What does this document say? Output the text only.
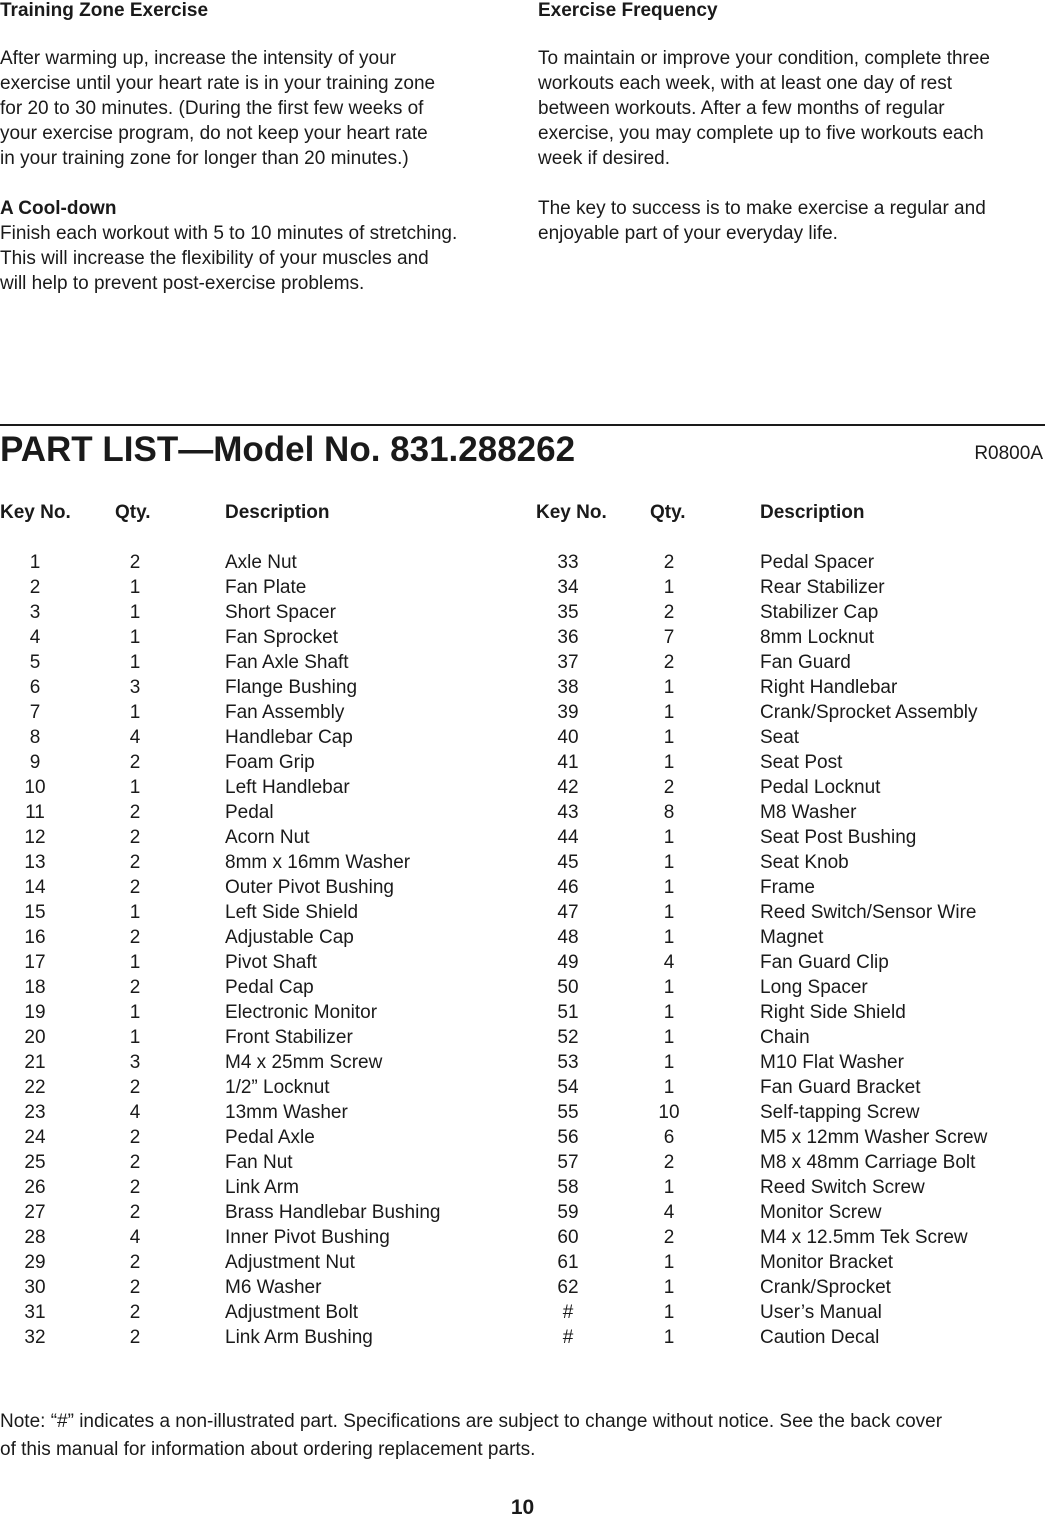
Training Zone Exercise
After warming up, increase the intensity of your
exercise until your heart rate is in your training zone
for 20 to 30 minutes. (During the first few weeks of
your exercise program, do not keep your heart rate
in your training zone for longer than 20 minutes.)
A Cool-down
Finish each workout with 5 to 10 minutes of stretching.
This will increase the flexibility of your muscles and
will help to prevent post-exercise problems.
Exercise Frequency
To maintain or improve your condition, complete three
workouts each week, with at least one day of rest
between workouts. After a few months of regular
exercise, you may complete up to five workouts each
week if desired.
The key to success is to make exercise a regular and
enjoyable part of your everyday life.
PART LIST—Model No. 831.288262	R0800A
Key No. Qty.	Description	Key No. Qty.	Description
1	2	Axle Nut
2	1	Fan Plate
3	1	Short Spacer
4	1	Fan Sprocket
5	1	Fan Axle Shaft
6	3	Flange Bushing
7	1	Fan Assembly
8	4	Handlebar Cap
9	2	Foam Grip
10	1	Left Handlebar
11	2	Pedal
12	2	Acorn Nut
13	2	8mm x 16mm Washer
14	2	Outer Pivot Bushing
15	1	Left Side Shield
16	2	Adjustable Cap
17	1	Pivot Shaft
18	2	Pedal Cap
19	1	Electronic Monitor
20	1	Front Stabilizer
21	3	M4 x 25mm Screw
22	2	1/2” Locknut
23	4	13mm Washer
24	2	Pedal Axle
25	2	Fan Nut
26	2	Link Arm
27	2	Brass Handlebar Bushing
28	4	Inner Pivot Bushing
29	2	Adjustment Nut
30	2	M6 Washer
31	2	Adjustment Bolt
32	2	Link Arm Bushing
33	2	Pedal Spacer
34	1	Rear Stabilizer
35	2	Stabilizer Cap
36	7	8mm Locknut
37	2	Fan Guard
38	1	Right Handlebar
39	1	Crank/Sprocket Assembly
40	1	Seat
41	1	Seat Post
42	2	Pedal Locknut
43	8	M8 Washer
44	1	Seat Post Bushing
45	1	Seat Knob
46	1	Frame
47	1	Reed Switch/Sensor Wire
48	1	Magnet
49	4	Fan Guard Clip
50	1	Long Spacer
51	1	Right Side Shield
52	1	Chain
53	1	M10 Flat Washer
54	1	Fan Guard Bracket
55	10	Self-tapping Screw
56	6	M5 x 12mm Washer Screw
57	2	M8 x 48mm Carriage Bolt
58	1	Reed Switch Screw
59	4	Monitor Screw
60	2	M4 x 12.5mm Tek Screw
61	1	Monitor Bracket
62	1	Crank/Sprocket
#	1	User’s Manual
#	1	Caution Decal
Note: “#” indicates a non-illustrated part. Specifications are subject to change without notice. See the back cover
of this manual for information about ordering replacement parts.
10
